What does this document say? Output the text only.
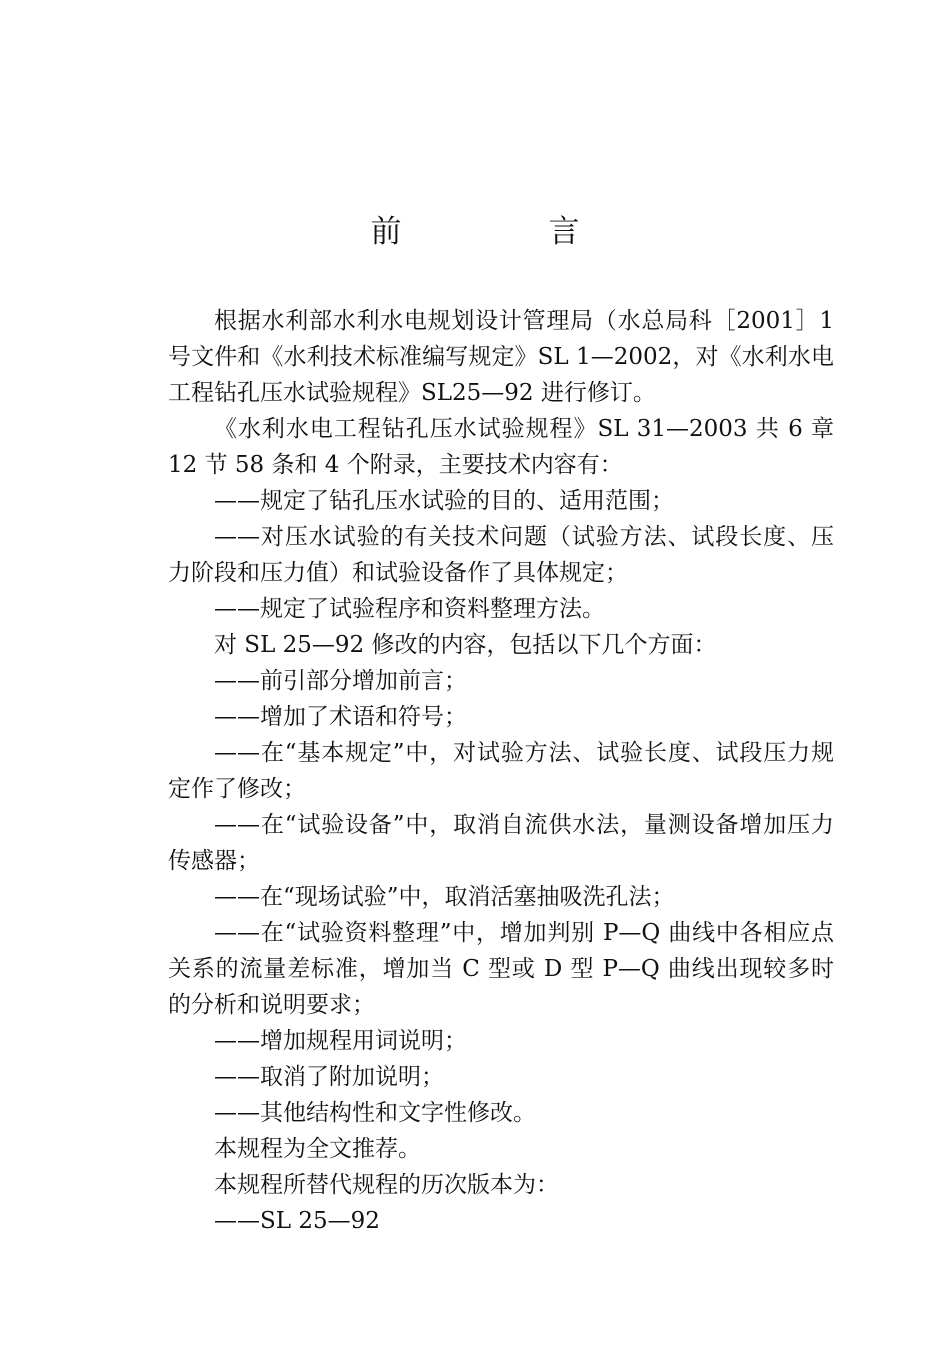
前　言

根据水利部水利水电规划设计管理局（水总局科［2001］1号文件和《水利技术标准编写规定》SL 1—2002，对《水利水电工程钻孔压水试验规程》SL25—92 进行修订。

《水利水电工程钻孔压水试验规程》SL 31—2003 共 6 章 12 节 58 条和 4 个附录，主要技术内容有：

——规定了钻孔压水试验的目的、适用范围；

——对压水试验的有关技术问题（试验方法、试段长度、压力阶段和压力值）和试验设备作了具体规定；

——规定了试验程序和资料整理方法。

对 SL 25—92 修改的内容，包括以下几个方面：

——前引部分增加前言；

——增加了术语和符号；

——在“基本规定”中，对试验方法、试验长度、试段压力规定作了修改；

——在“试验设备”中，取消自流供水法，量测设备增加压力传感器；

——在“现场试验”中，取消活塞抽吸洗孔法；

——在“试验资料整理”中，增加判别 P—Q 曲线中各相应点关系的流量差标准，增加当 C 型或 D 型 P—Q 曲线出现较多时的分析和说明要求；

——增加规程用词说明；

——取消了附加说明；

——其他结构性和文字性修改。

本规程为全文推荐。

本规程所替代规程的历次版本为：

——SL 25—92
